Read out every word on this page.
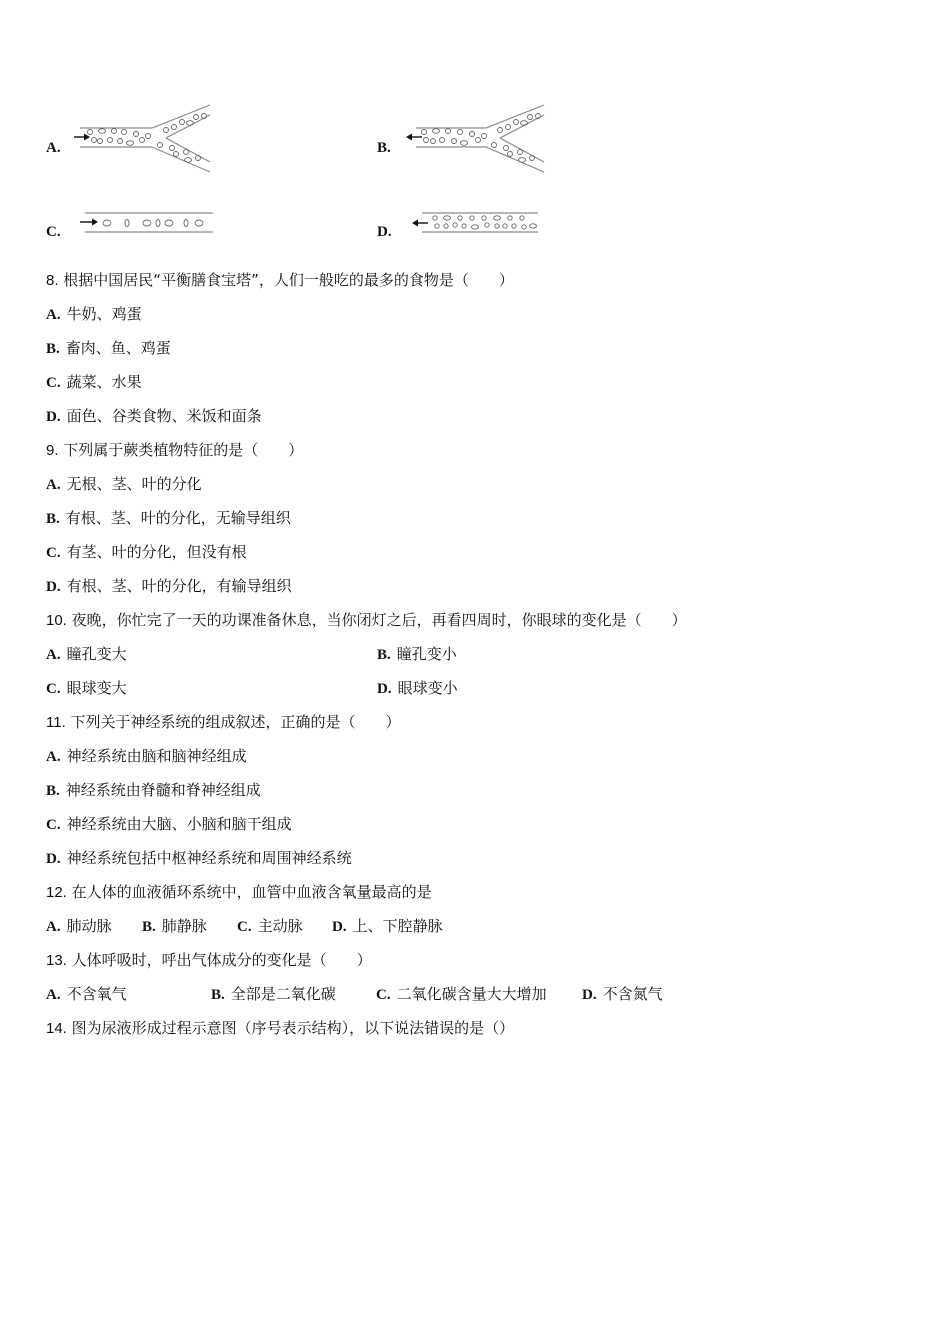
A.	B.
C.	D.
8. 根据中国居民“平衡膳食宝塔”，人们一般吃的最多的食物是（　　）
A. 牛奶、鸡蛋
B. 畜肉、鱼、鸡蛋
C. 蔬菜、水果
D. 面色、谷类食物、米饭和面条
9. 下列属于蕨类植物特征的是（　　）
A. 无根、茎、叶的分化
B. 有根、茎、叶的分化，无输导组织
C. 有茎、叶的分化，但没有根
D. 有根、茎、叶的分化，有输导组织
10. 夜晚，你忙完了一天的功课准备休息，当你闭灯之后，再看四周时，你眼球的变化是（　　）
A. 瞳孔变大	B. 瞳孔变小
C. 眼球变大	D. 眼球变小
11. 下列关于神经系统的组成叙述，正确的是（　　）
A. 神经系统由脑和脑神经组成
B. 神经系统由脊髓和脊神经组成
C. 神经系统由大脑、小脑和脑干组成
D. 神经系统包括中枢神经系统和周围神经系统
12. 在人体的血液循环系统中，血管中血液含氧量最高的是
A. 肺动脉 B. 肺静脉 C. 主动脉 D. 上、下腔静脉
13. 人体呼吸时，呼出气体成分的变化是（　　）
A. 不含氧气	B. 全部是二氧化碳	C. 二氧化碳含量大大增加 D. 不含氮气
14. 图为尿液形成过程示意图（序号表示结构），以下说法错误的是（）
